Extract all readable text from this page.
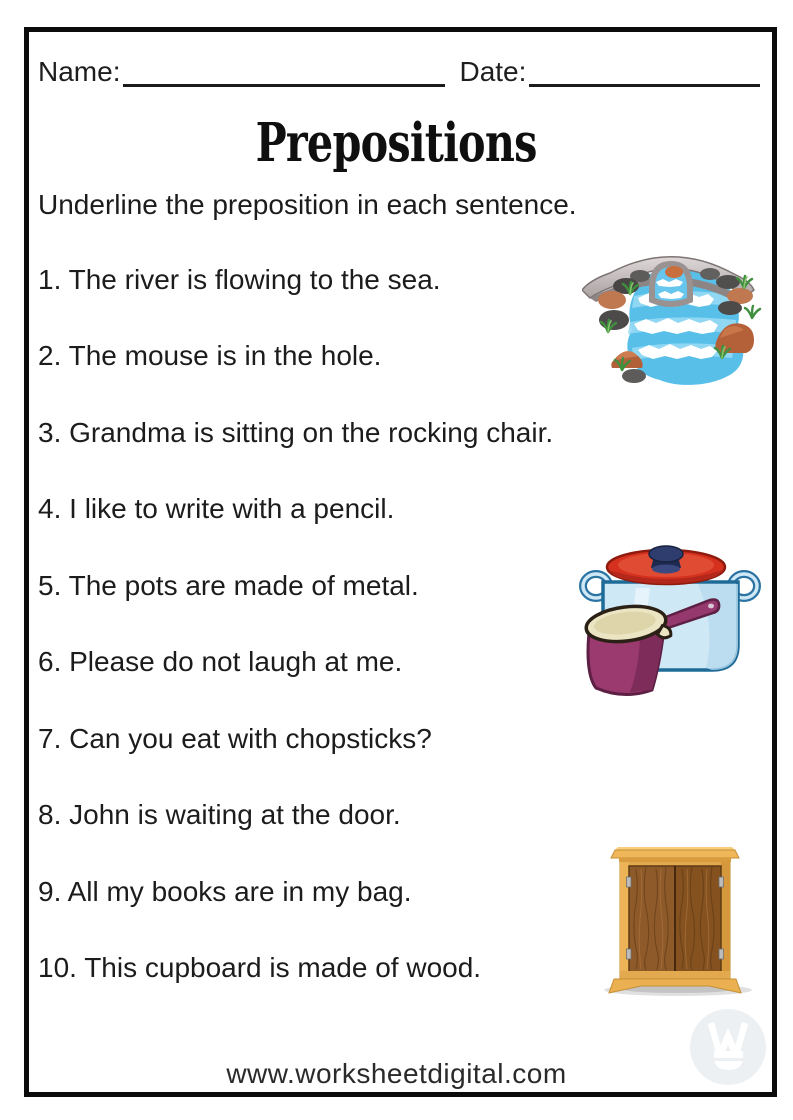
Name:	Date:
Prepositions
Underline the preposition in each sentence.

1. The river is flowing to the sea.

2. The mouse is in the hole.

3. Grandma is sitting on the rocking chair.

4. I like to write with a pencil.

5. The pots are made of metal.

6. Please do not laugh at me.

7. Can you eat with chopsticks?

8. John is waiting at the door.

9. All my books are in my bag.

10. This cupboard is made of wood.

www.worksheetdigital.com
